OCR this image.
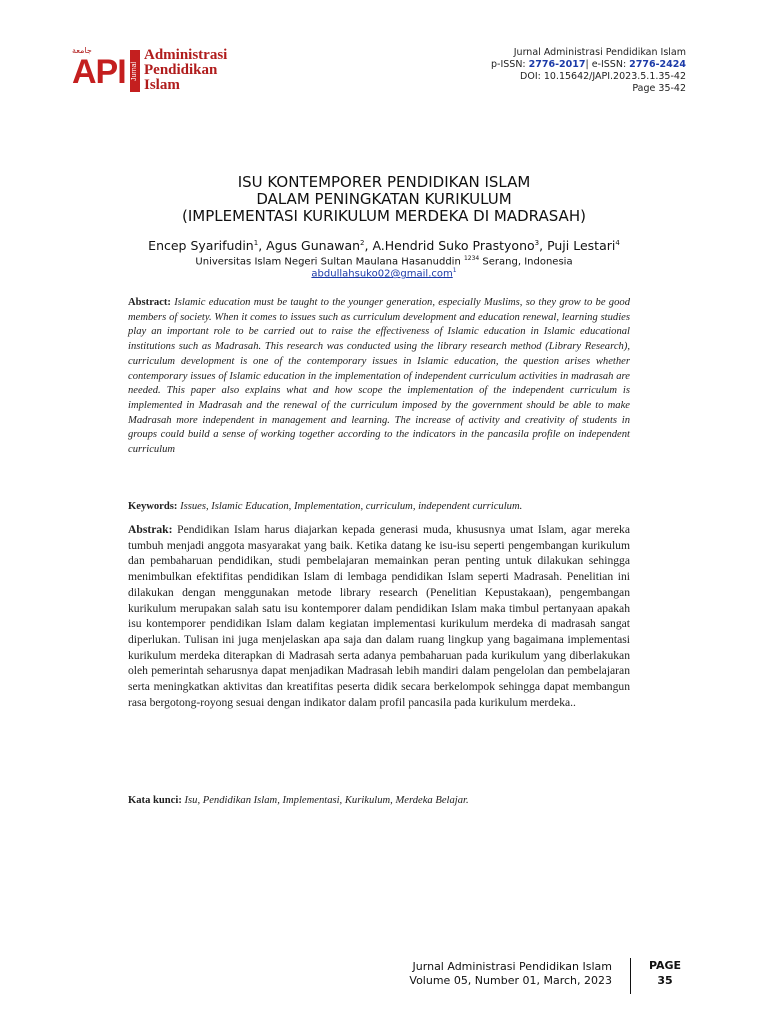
جامعة
API Jurnal
Administrasi
Pendidikan
Islam
Jurnal Administrasi Pendidikan Islam
p-ISSN: 2776-2017| e-ISSN: 2776-2424
DOI: 10.15642/JAPI.2023.5.1.35-42
Page 35-42
ISU KONTEMPORER PENDIDIKAN ISLAM
DALAM PENINGKATAN KURIKULUM
(IMPLEMENTASI KURIKULUM MERDEKA DI MADRASAH)
Encep Syarifudin$^1$, Agus Gunawan$^2$, A.Hendrid Suko Prastyono$^3$, Puji Lestari$^4$
Universitas Islam Negeri Sultan Maulana Hasanuddin $^{1234}$ Serang, Indonesia
abdullahsuko02@gmail.com$^1$
Abstract: Islamic education must be taught to the younger generation, especially Muslims, so they grow to be good members of society. When it comes to issues such as curriculum development and education renewal, learning studies play an important role to be carried out to raise the effectiveness of Islamic education in Islamic educational institutions such as Madrasah. This research was conducted using the library research method (Library Research), curriculum development is one of the contemporary issues in Islamic education, the question arises whether contemporary issues of Islamic education in the implementation of independent curriculum activities in madrasah are needed. This paper also explains what and how scope the implementation of the independent curriculum is implemented in Madrasah and the renewal of the curriculum imposed by the government should be able to make Madrasah more independent in management and learning. The increase of activity and creativity of students in groups could build a sense of working together according to the indicators in the pancasila profile on independent curriculum
Keywords: Issues, Islamic Education, Implementation, curriculum, independent curriculum.
Abstrak: Pendidikan Islam harus diajarkan kepada generasi muda, khususnya umat Islam, agar mereka tumbuh menjadi anggota masyarakat yang baik. Ketika datang ke isu-isu seperti pengembangan kurikulum dan pembaharuan pendidikan, studi pembelajaran memainkan peran penting untuk dilakukan sehingga menimbulkan efektifitas pendidikan Islam di lembaga pendidikan Islam seperti Madrasah. Penelitian ini dilakukan dengan menggunakan metode library research (Penelitian Kepustakaan), pengembangan kurikulum merupakan salah satu isu kontemporer dalam pendidikan Islam maka timbul pertanyaan apakah isu kontemporer pendidikan Islam dalam kegiatan implementasi kurikulum merdeka di madrasah sangat diperlukan. Tulisan ini juga menjelaskan apa saja dan dalam ruang lingkup yang bagaimana implementasi kurikulum merdeka diterapkan di Madrasah serta adanya pembaharuan pada kurikulum yang diberlakukan oleh pemerintah seharusnya dapat menjadikan Madrasah lebih mandiri dalam pengelolan dan pembelajaran serta meningkatkan aktivitas dan kreatifitas peserta didik secara berkelompok sehingga dapat membangun rasa bergotong-royong sesuai dengan indikator dalam profil pancasila pada kurikulum merdeka..
Kata kunci: Isu, Pendidikan Islam, Implementasi, Kurikulum, Merdeka Belajar.
Jurnal Administrasi Pendidikan Islam
Volume 05, Number 01, March, 2023
PAGE
35
